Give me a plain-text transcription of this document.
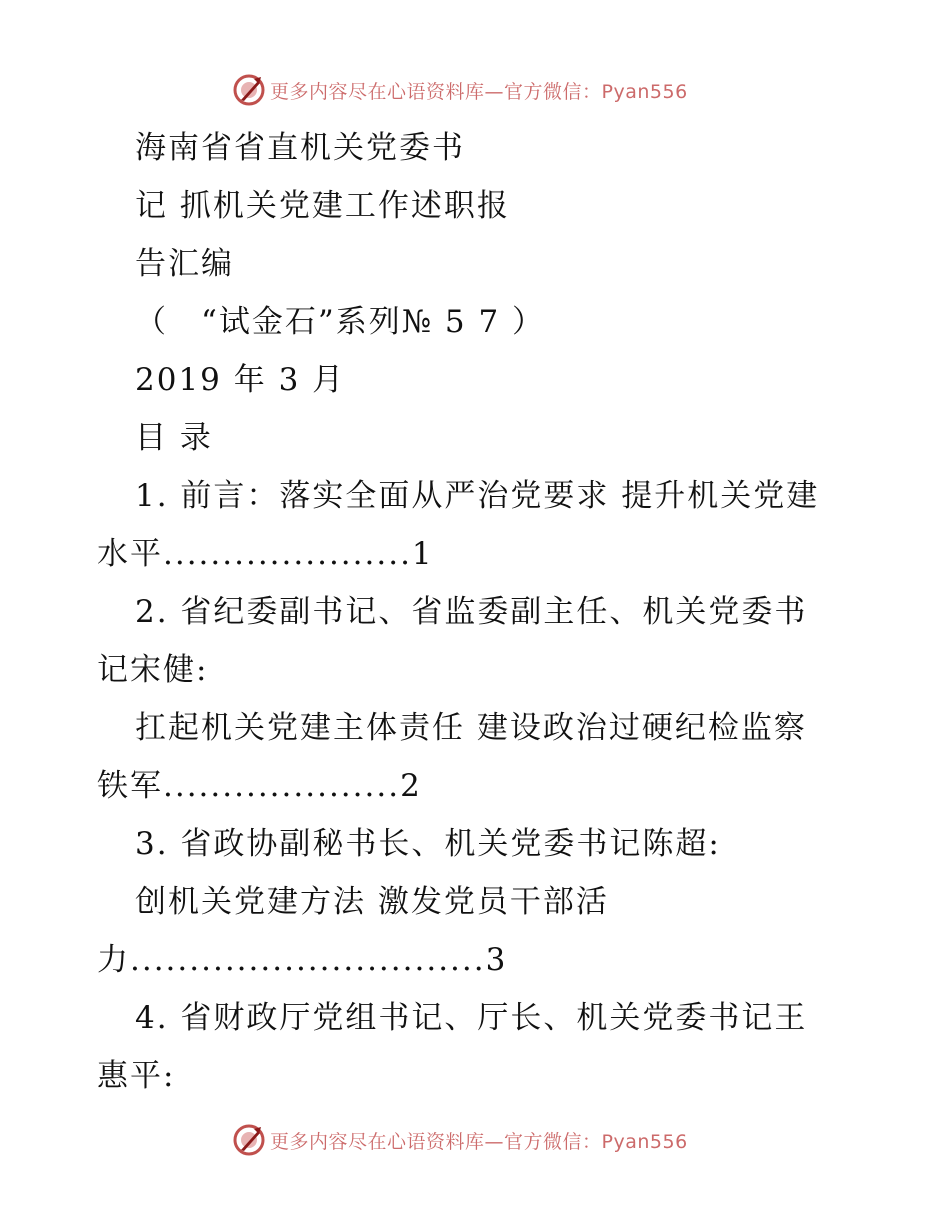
更多内容尽在心语资料库—官方微信：Pyan556
海南省省直机关党委书
记 抓机关党建工作述职报
告汇编
（　“试金石”系列№ 5 7 ）
2019 年 3 月
目 录
1. 前言：落实全面从严治党要求 提升机关党建
水平.....................1
2. 省纪委副书记、省监委副主任、机关党委书
记宋健:
扛起机关党建主体责任 建设政治过硬纪检监察
铁军....................2
3. 省政协副秘书长、机关党委书记陈超:
创机关党建方法 激发党员干部活
力..............................3
4. 省财政厅党组书记、厅长、机关党委书记王
惠平:
更多内容尽在心语资料库—官方微信：Pyan556
